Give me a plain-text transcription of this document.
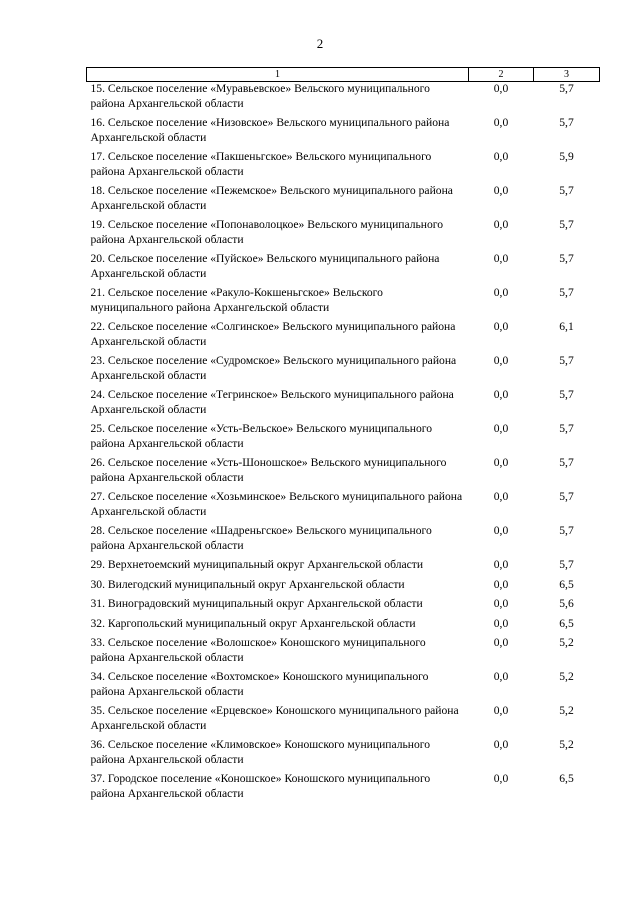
2
1	2	3
15. Сельское поселение «Муравьевское» Вельского муниципального района Архангельской области	0,0	5,7
16. Сельское поселение «Низовское» Вельского муниципального района Архангельской области	0,0	5,7
17. Сельское поселение «Пакшеньгское» Вельского муниципального района Архангельской области	0,0	5,9
18. Сельское поселение «Пежемское» Вельского муниципального района Архангельской области	0,0	5,7
19. Сельское поселение «Попонаволоцкое» Вельского муниципального района Архангельской области	0,0	5,7
20. Сельское поселение «Пуйское» Вельского муниципального района Архангельской области	0,0	5,7
21. Сельское поселение «Ракуло-Кокшеньгское» Вельского муниципального района Архангельской области	0,0	5,7
22. Сельское поселение «Солгинское» Вельского муниципального района Архангельской области	0,0	6,1
23. Сельское поселение «Судромское» Вельского муниципального района Архангельской области	0,0	5,7
24. Сельское поселение «Тегринское» Вельского муниципального района Архангельской области	0,0	5,7
25. Сельское поселение «Усть-Вельское» Вельского муниципального района Архангельской области	0,0	5,7
26. Сельское поселение «Усть-Шоношское» Вельского муниципального района Архангельской области	0,0	5,7
27. Сельское поселение «Хозьминское» Вельского муниципального района Архангельской области	0,0	5,7
28. Сельское поселение «Шадреньгское» Вельского муниципального района Архангельской области	0,0	5,7
29. Верхнетоемский муниципальный округ Архангельской области	0,0	5,7
30. Вилегодский муниципальный округ Архангельской области	0,0	6,5
31. Виноградовский муниципальный округ Архангельской области	0,0	5,6
32. Каргопольский муниципальный округ Архангельской области	0,0	6,5
33. Сельское поселение «Волошское» Коношского муниципального района Архангельской области	0,0	5,2
34. Сельское поселение «Вохтомское» Коношского муниципального района Архангельской области	0,0	5,2
35. Сельское поселение «Ерцевское» Коношского муниципального района Архангельской области	0,0	5,2
36. Сельское поселение «Климовское» Коношского муниципального района Архангельской области	0,0	5,2
37. Городское поселение «Коношское» Коношского муниципального района Архангельской области	0,0	6,5
